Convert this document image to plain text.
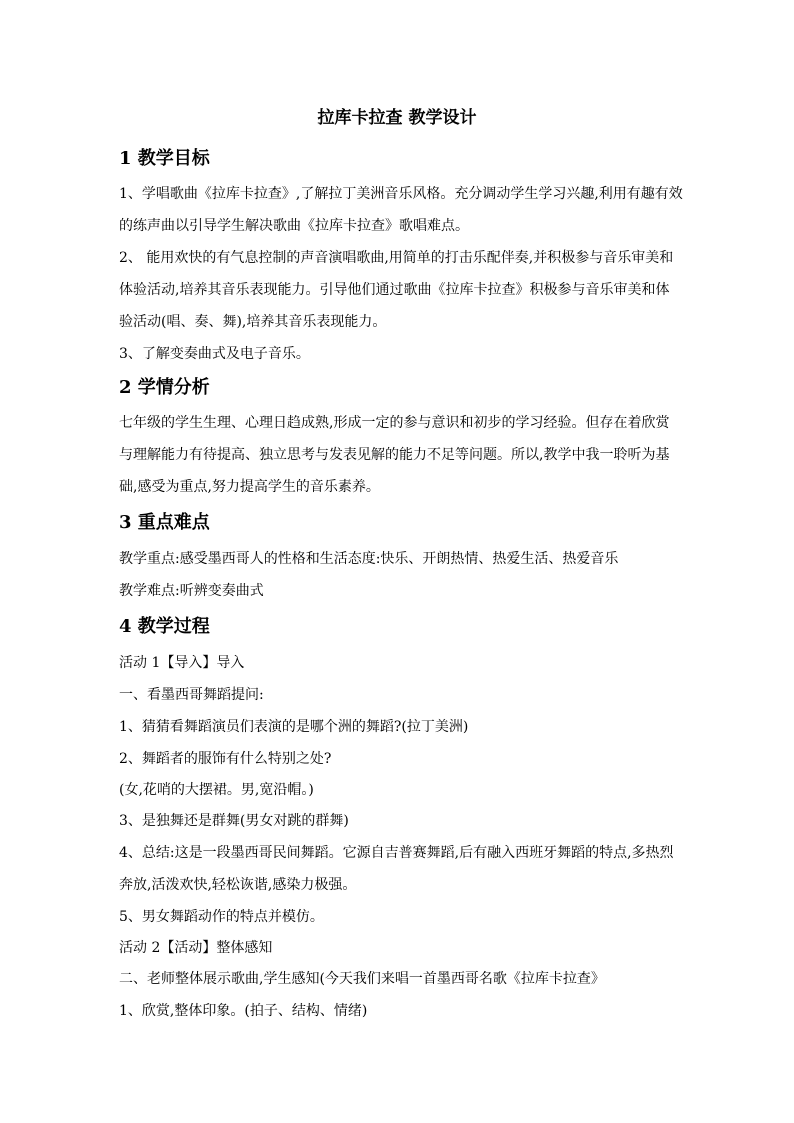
拉库卡拉查 教学设计
1 教学目标
1、学唱歌曲《拉库卡拉查》,了解拉丁美洲音乐风格。充分调动学生学习兴趣,利用有趣有效
的练声曲以引导学生解决歌曲《拉库卡拉查》歌唱难点。
2、 能用欢快的有气息控制的声音演唱歌曲,用简单的打击乐配伴奏,并积极参与音乐审美和
体验活动,培养其音乐表现能力。引导他们通过歌曲《拉库卡拉查》积极参与音乐审美和体
验活动(唱、奏、舞),培养其音乐表现能力。
3、了解变奏曲式及电子音乐。
2 学情分析
七年级的学生生理、心理日趋成熟,形成一定的参与意识和初步的学习经验。但存在着欣赏
与理解能力有待提高、独立思考与发表见解的能力不足等问题。所以,教学中我一聆听为基
础,感受为重点,努力提高学生的音乐素养。
3 重点难点
教学重点:感受墨西哥人的性格和生活态度:快乐、开朗热情、热爱生活、热爱音乐
教学难点:听辨变奏曲式
4 教学过程
活动 1【导入】导入
一、看墨西哥舞蹈提问:
1、猜猜看舞蹈演员们表演的是哪个洲的舞蹈?(拉丁美洲)
2、舞蹈者的服饰有什么特别之处?
(女,花哨的大摆裙。男,宽沿帽。)
3、是独舞还是群舞(男女对跳的群舞)
4、总结:这是一段墨西哥民间舞蹈。它源自吉普赛舞蹈,后有融入西班牙舞蹈的特点,多热烈
奔放,活泼欢快,轻松诙谐,感染力极强。
5、男女舞蹈动作的特点并模仿。
活动 2【活动】整体感知
二、老师整体展示歌曲,学生感知(今天我们来唱一首墨西哥名歌《拉库卡拉查》
1、欣赏,整体印象。(拍子、结构、情绪)
